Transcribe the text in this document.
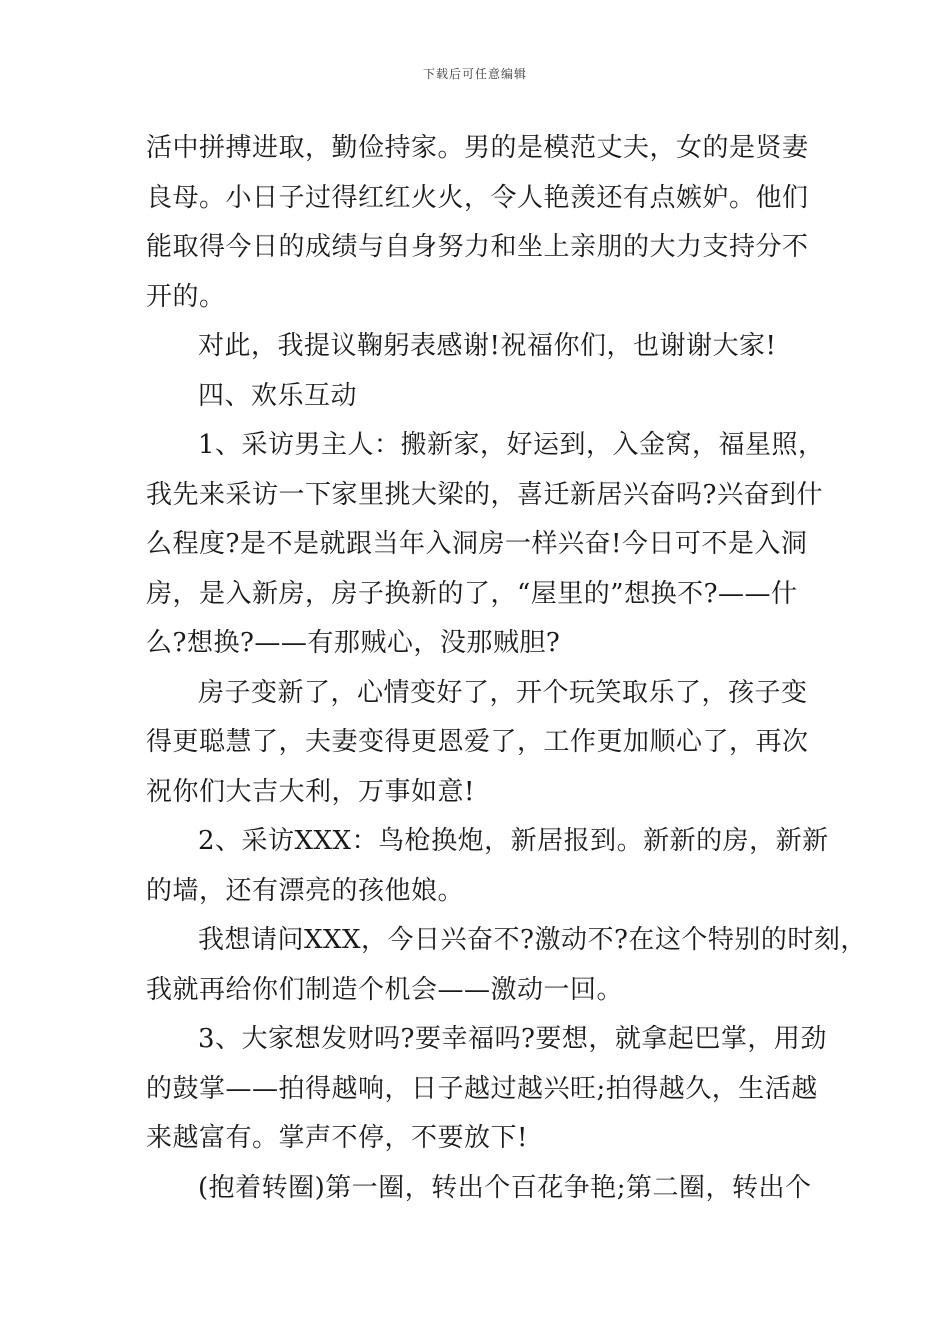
下载后可任意编辑
活中拼搏进取，勤俭持家。男的是模范丈夫，女的是贤妻
良母。小日子过得红红火火，令人艳羡还有点嫉妒。他们
能取得今日的成绩与自身努力和坐上亲朋的大力支持分不
开的。
对此，我提议鞠躬表感谢!祝福你们，也谢谢大家!
四、欢乐互动
1、采访男主人：搬新家，好运到，入金窝，福星照，
我先来采访一下家里挑大梁的，喜迁新居兴奋吗?兴奋到什
么程度?是不是就跟当年入洞房一样兴奋!今日可不是入洞
房，是入新房，房子换新的了，“屋里的”想换不?——什
么?想换?——有那贼心，没那贼胆?
房子变新了，心情变好了，开个玩笑取乐了，孩子变
得更聪慧了，夫妻变得更恩爱了，工作更加顺心了，再次
祝你们大吉大利，万事如意!
2、采访XXX：鸟枪换炮，新居报到。新新的房，新新
的墙，还有漂亮的孩他娘。
我想请问XXX，今日兴奋不?激动不?在这个特别的时刻，
我就再给你们制造个机会——激动一回。
3、大家想发财吗?要幸福吗?要想，就拿起巴掌，用劲
的鼓掌——拍得越响，日子越过越兴旺;拍得越久，生活越
来越富有。掌声不停，不要放下!
(抱着转圈)第一圈，转出个百花争艳;第二圈，转出个
